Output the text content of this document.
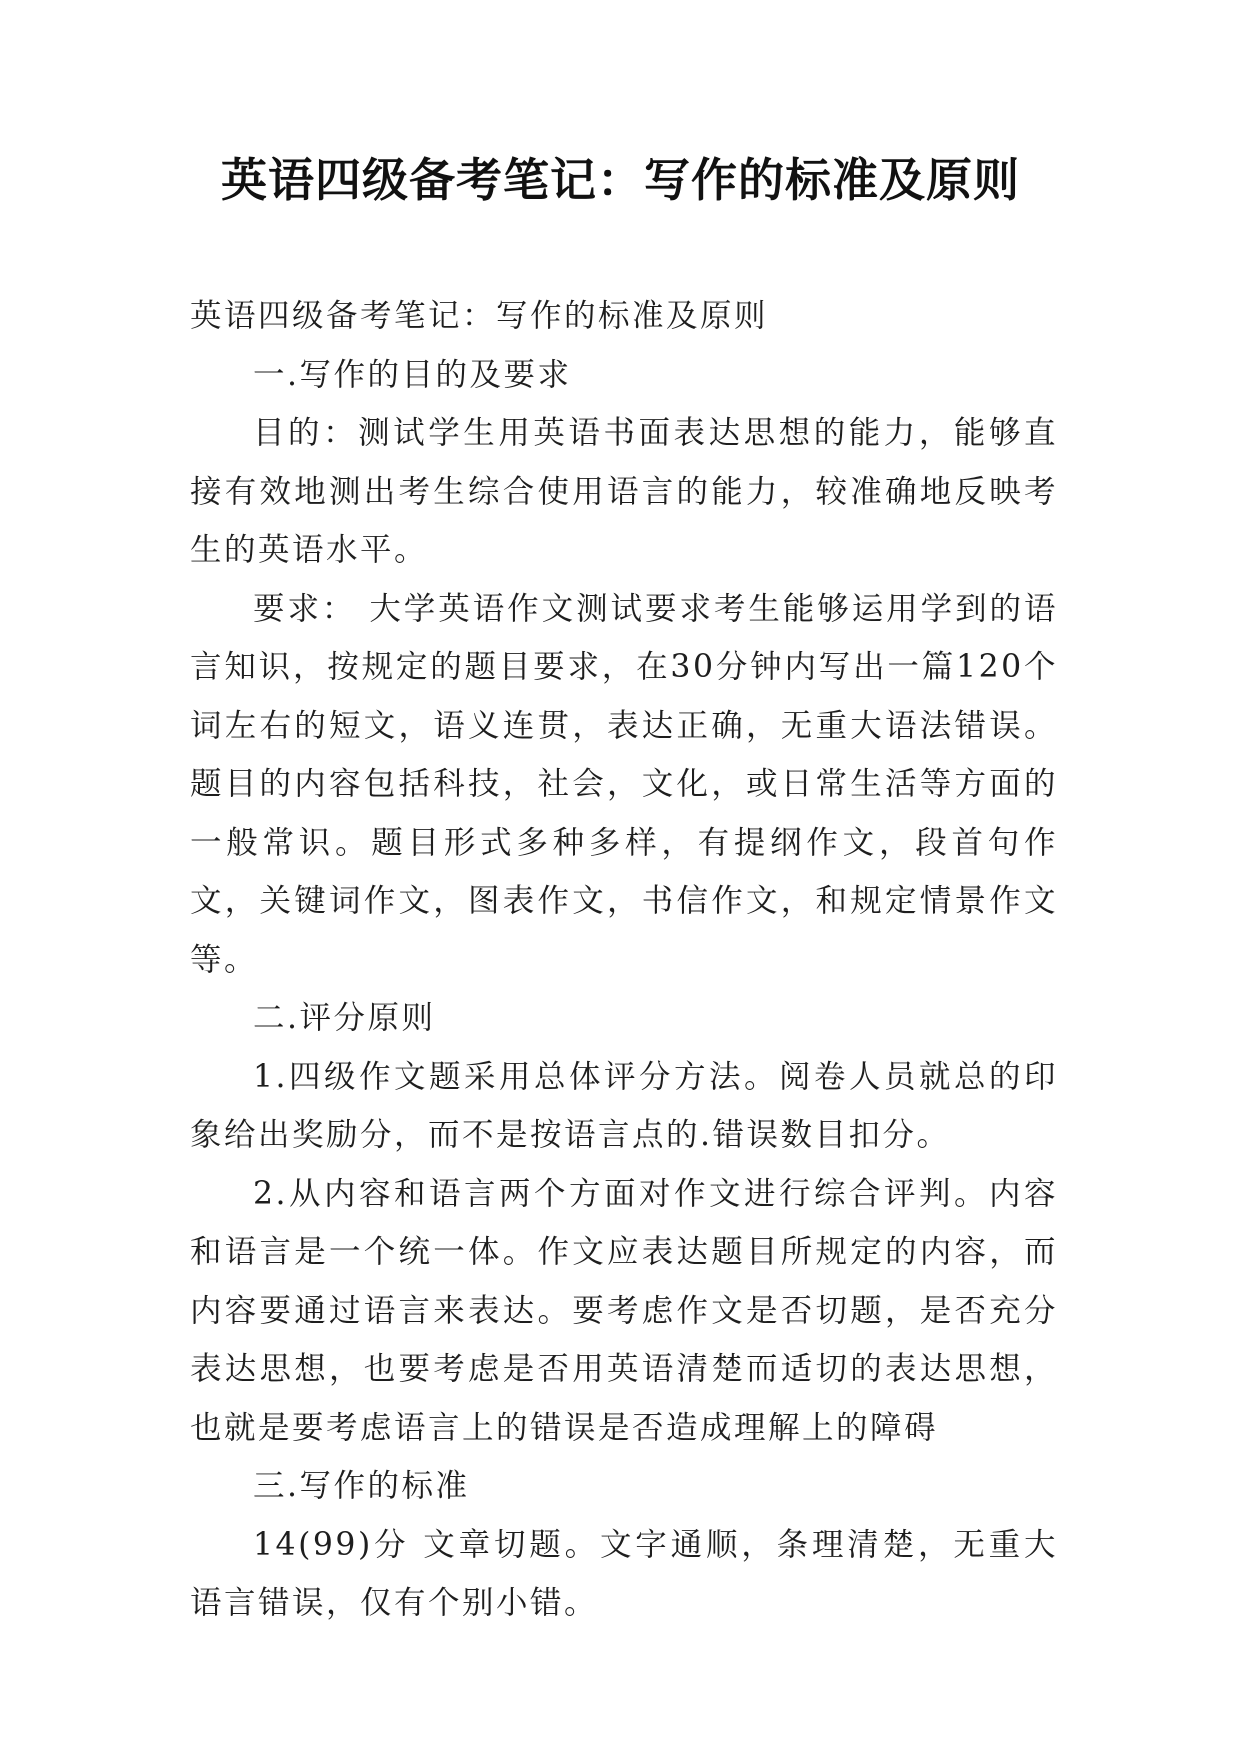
英语四级备考笔记：写作的标准及原则

英语四级备考笔记：写作的标准及原则

一.写作的目的及要求

目的：测试学生用英语书面表达思想的能力，能够直接有效地测出考生综合使用语言的能力，较准确地反映考生的英语水平。

要求： 大学英语作文测试要求考生能够运用学到的语言知识，按规定的题目要求，在30分钟内写出一篇120个词左右的短文，语义连贯，表达正确，无重大语法错误。题目的内容包括科技，社会，文化，或日常生活等方面的一般常识。题目形式多种多样，有提纲作文，段首句作文，关键词作文，图表作文，书信作文，和规定情景作文等。

二.评分原则

1.四级作文题采用总体评分方法。阅卷人员就总的印象给出奖励分，而不是按语言点的.错误数目扣分。

2.从内容和语言两个方面对作文进行综合评判。内容和语言是一个统一体。作文应表达题目所规定的内容，而内容要通过语言来表达。要考虑作文是否切题，是否充分表达思想，也要考虑是否用英语清楚而适切的表达思想，也就是要考虑语言上的错误是否造成理解上的障碍

三.写作的标准

14(99)分 文章切题。文字通顺，条理清楚，无重大语言错误，仅有个别小错。
